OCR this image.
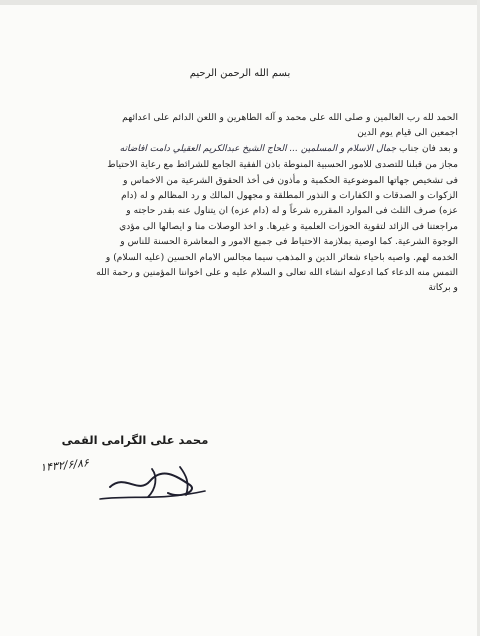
بسم الله الرحمن الرحيم
الحمد لله رب العالمين و صلى الله على محمد و آله الطاهرين و اللعن الدائم على اعدائهم
اجمعين الى قيام يوم الدين
و بعد فان جناب جمال الاسلام و المسلمين ... الحاج الشيخ عبدالكريم العقيلي دامت افاضاته
مجاز من قبلنا للتصدى للامور الحسبية المنوطة باذن الفقية الجامع للشرائط مع رعاية الاحتياط
فى تشخيص جهاتها الموضوعية الحكمية و مأذون فى أخذ الحقوق الشرعية من الاخماس و
الزكوات و الصدقات و الكفارات و النذور المطلقة و مجهول المالك و رد المظالم و له (دام
عزه) صرف الثلث فى الموارد المقرره شرعاً و له (دام عزه) ان يتناول عنه بقدر حاجته و
مراجعتنا فى الزائد لتقوية الحوزات العلمية و غيرها. و اخذ الوصلات منا و ايصالها الى مؤدي
الوجوة الشرعية. كما اوصية بملازمة الاحتياط فى جميع الامور و المعاشرة الحسنة للناس و
الخدمه لهم. واصيه باحياء شعائر الدين و المذهب سيما مجالس الامام الحسين (عليه السلام) و
التمس منه الدعاء كما ادعوله انشاء الله تعالى و السلام عليه و على اخواننا المؤمنين و رحمة الله
و بركاتة
محمد على الگرامى القمى
۱۴۳۲/۶/۸۶
